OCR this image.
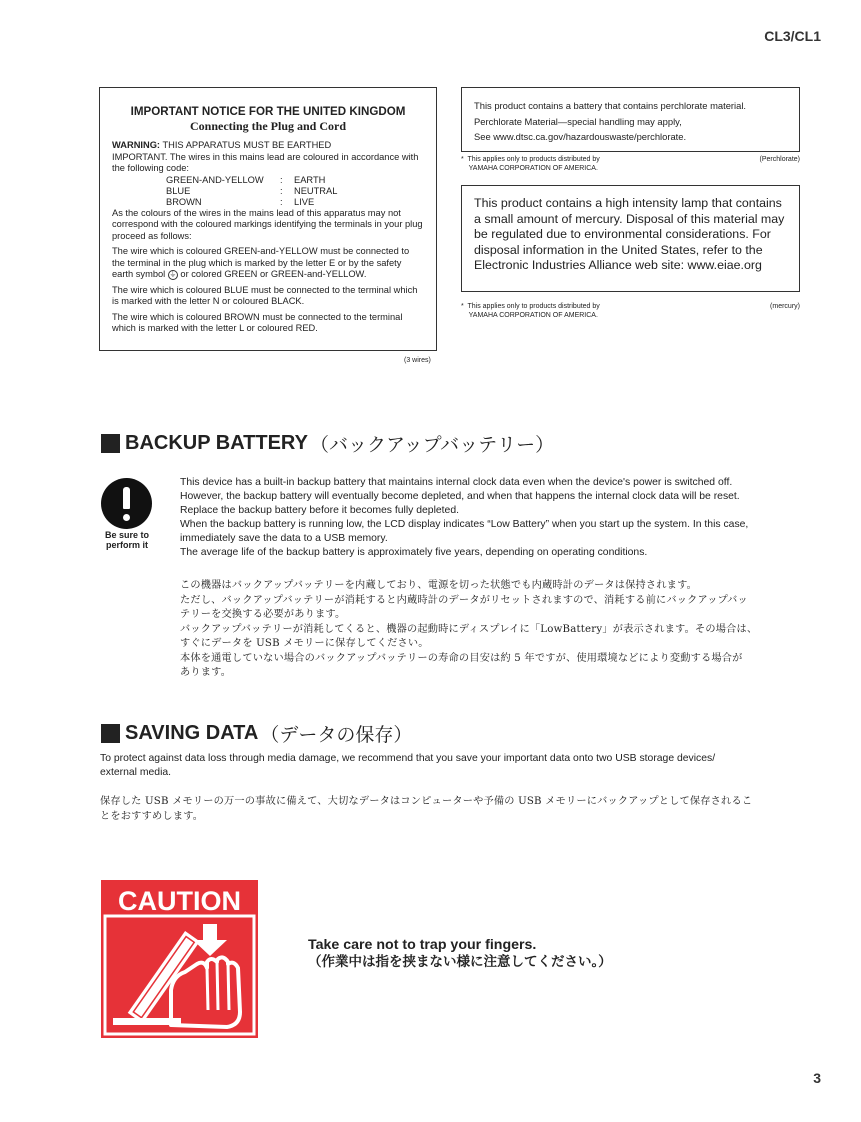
CL3/CL1
IMPORTANT NOTICE FOR THE UNITED KINGDOM
Connecting the Plug and Cord
WARNING: THIS APPARATUS MUST BE EARTHED
IMPORTANT. The wires in this mains lead are coloured in accordance with the following code:
GREEN-AND-YELLOW	:	EARTH
BLUE	:	NEUTRAL
BROWN	:	LIVE

As the colours of the wires in the mains lead of this apparatus may not correspond with the coloured markings identifying the terminals in your plug proceed as follows:

The wire which is coloured GREEN-and-YELLOW must be connected to the terminal in the plug which is marked by the letter E or by the safety earth symbol ⏚ or colored GREEN or GREEN-and-YELLOW.

The wire which is coloured BLUE must be connected to the terminal which is marked with the letter N or coloured BLACK.

The wire which is coloured BROWN must be connected to the terminal which is marked with the letter L or coloured RED.

(3 wires)
This product contains a battery that contains perchlorate material.
Perchlorate Material—special handling may apply,
See www.dtsc.ca.gov/hazardouswaste/perchlorate.
*  This applies only to products distributed by
YAMAHA CORPORATION OF AMERICA.
(Perchlorate)
This product contains a high intensity lamp that contains a small amount of mercury. Disposal of this material may be regulated due to environmental considerations. For disposal information in the United States, refer to the Electronic Industries Alliance web site: www.eiae.org
*  This applies only to products distributed by
YAMAHA CORPORATION OF AMERICA.
(mercury)
BACKUP BATTERY （バックアップバッテリー）
Be sure to perform it
This device has a built-in backup battery that maintains internal clock data even when the device's power is switched off.
However, the backup battery will eventually become depleted, and when that happens the internal clock data will be reset.
Replace the backup battery before it becomes fully depleted.
When the backup battery is running low, the LCD display indicates “Low Battery” when you start up the system. In this case,
immediately save the data to a USB memory.
The average life of the backup battery is approximately five years, depending on operating conditions.
この機器はバックアップバッテリーを内蔵しており、電源を切った状態でも内蔵時計のデータは保持されます。
ただし、バックアップバッテリーが消耗すると内蔵時計のデータがリセットされますので、消耗する前にバックアップバッ
テリーを交換する必要があります。
バックアップバッテリーが消耗してくると、機器の起動時にディスプレイに「LowBattery」が表示されます。その場合は、
すぐにデータを USB メモリーに保存してください。
本体を通電していない場合のバックアップバッテリーの寿命の目安は約 5 年ですが、使用環境などにより変動する場合が
あります。
SAVING DATA （データの保存）
To protect against data loss through media damage, we recommend that you save your important data onto two USB storage devices/
external media.
保存した USB メモリーの万一の事故に備えて、大切なデータはコンピューターや予備の USB メモリーにバックアップとして保存されるこ
とをおすすめします。
CAUTION
Take care not to trap your fingers.
（作業中は指を挟まない様に注意してください。）
3
